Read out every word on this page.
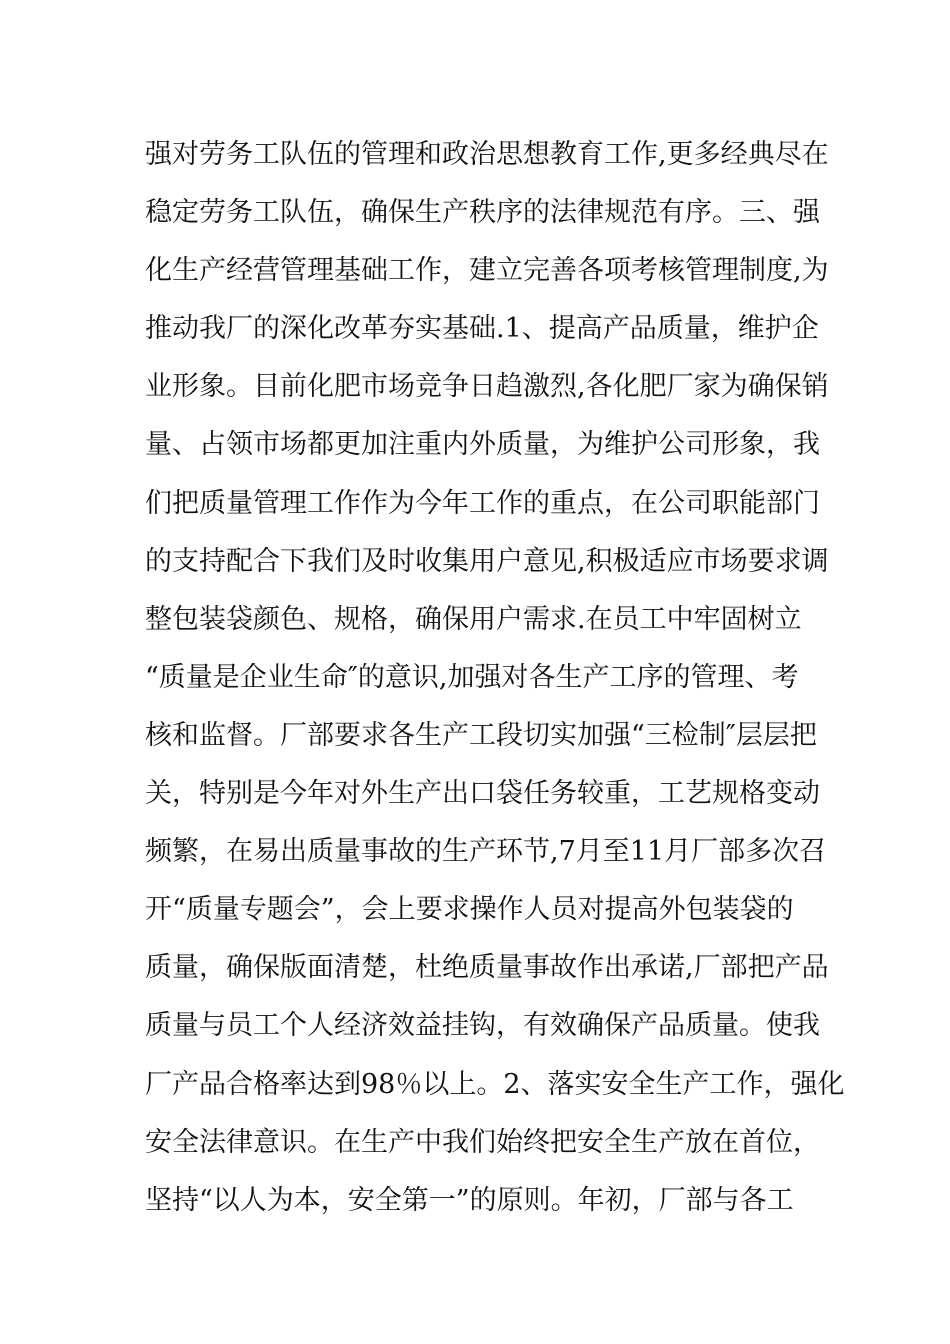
强对劳务工队伍的管理和政治思想教育工作,更多经典尽在
稳定劳务工队伍，确保生产秩序的法律规范有序。三、强
化生产经营管理基础工作，建立完善各项考核管理制度,为
推动我厂的深化改革夯实基础.1、提高产品质量，维护企
业形象。目前化肥市场竞争日趋激烈,各化肥厂家为确保销
量、占领市场都更加注重内外质量，为维护公司形象，我
们把质量管理工作作为今年工作的重点，在公司职能部门
的支持配合下我们及时收集用户意见,积极适应市场要求调
整包装袋颜色、规格，确保用户需求.在员工中牢固树立
“质量是企业生命″的意识,加强对各生产工序的管理、考
核和监督。厂部要求各生产工段切实加强“三检制″层层把
关，特别是今年对外生产出口袋任务较重，工艺规格变动
频繁，在易出质量事故的生产环节,7月至11月厂部多次召
开“质量专题会”，会上要求操作人员对提高外包装袋的
质量，确保版面清楚，杜绝质量事故作出承诺,厂部把产品
质量与员工个人经济效益挂钩，有效确保产品质量。使我
厂产品合格率达到98％以上。2、落实安全生产工作，强化
安全法律意识。在生产中我们始终把安全生产放在首位，
坚持“以人为本，安全第一”的原则。年初，厂部与各工
